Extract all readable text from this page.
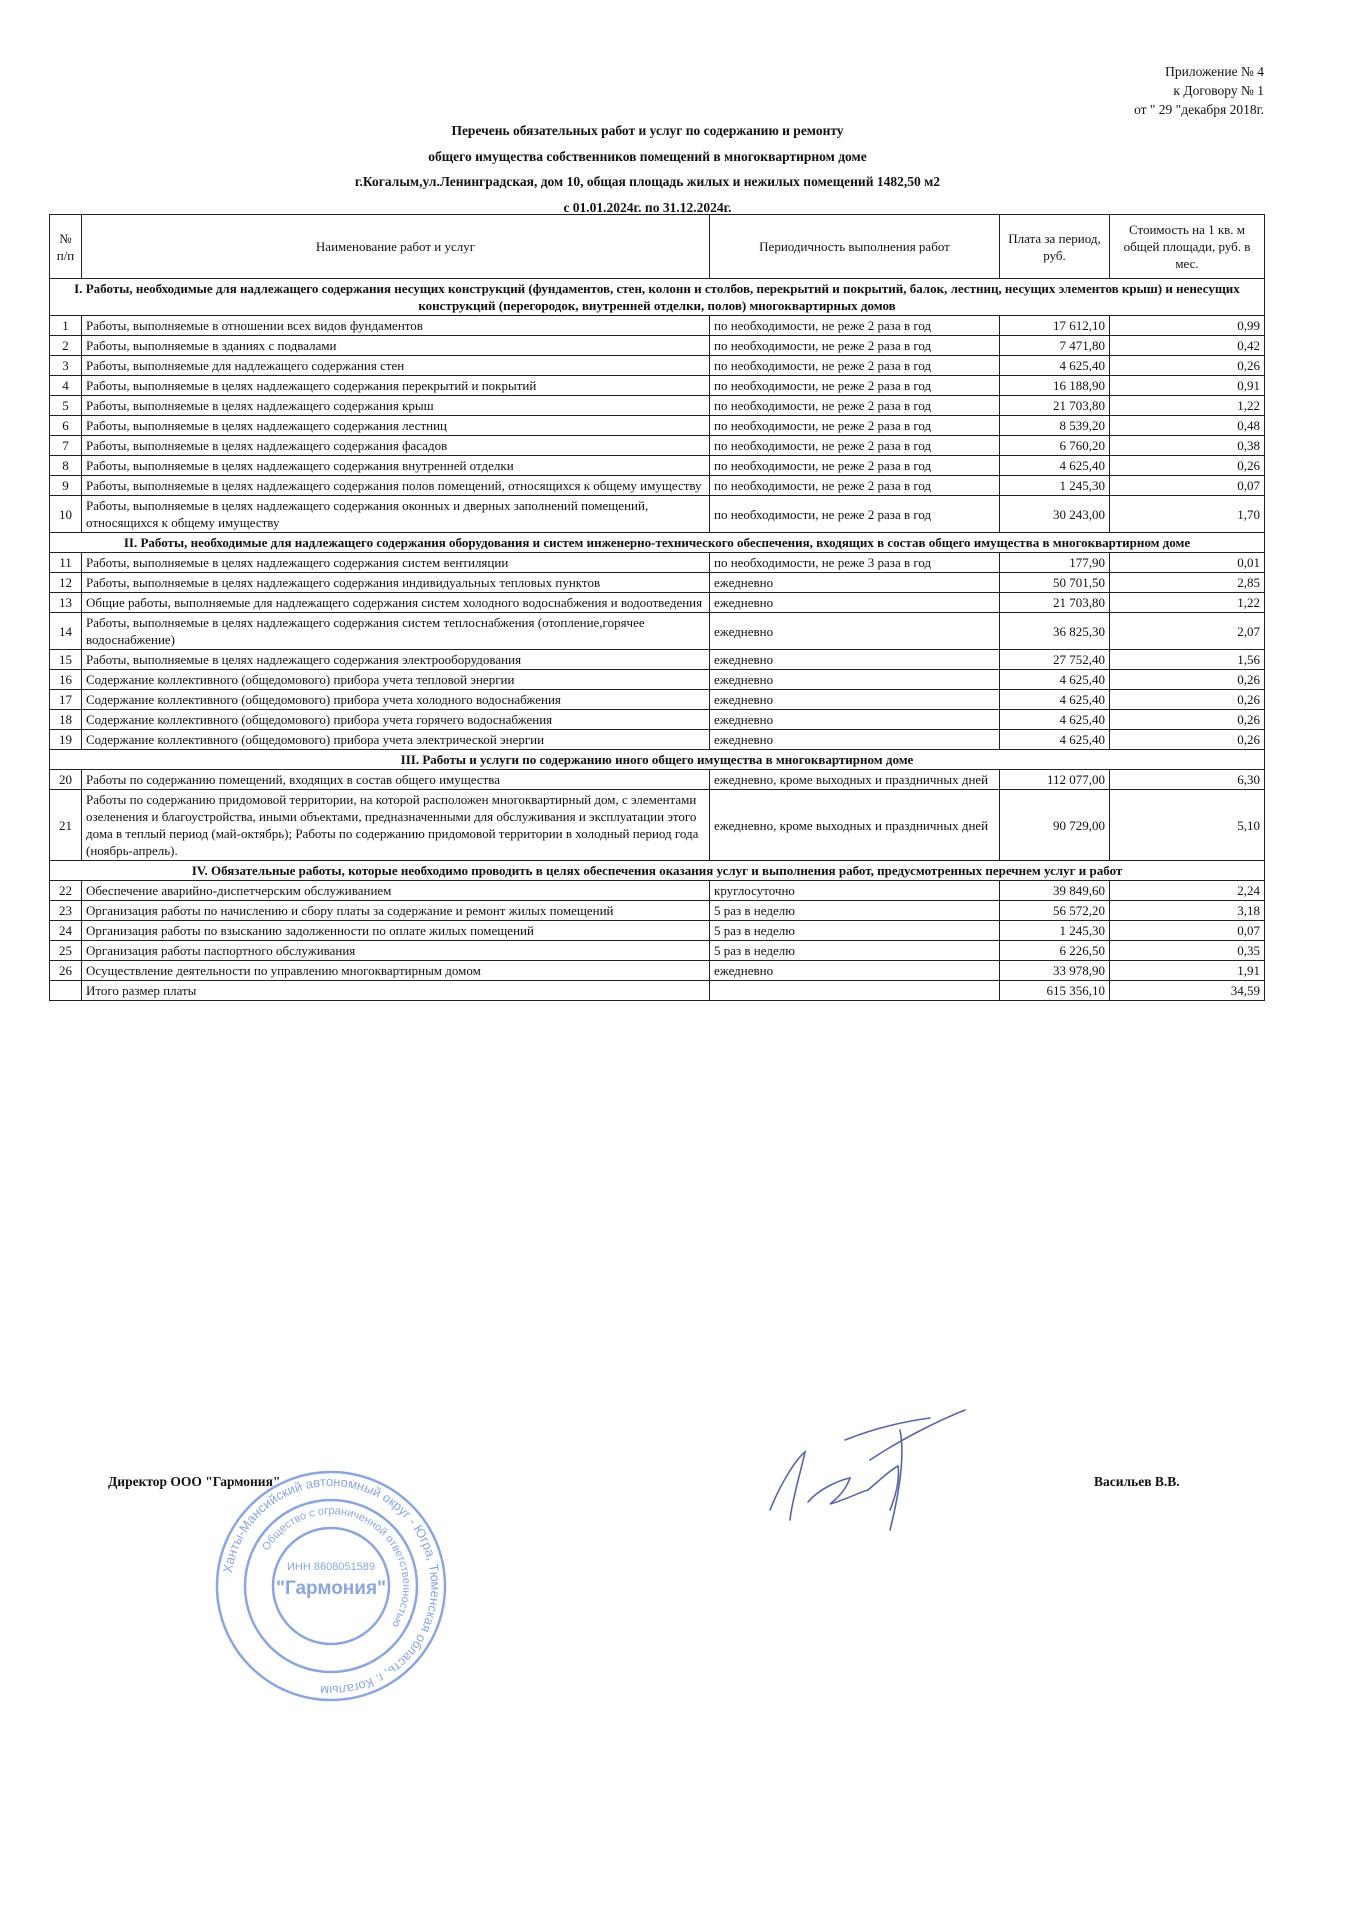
Приложение № 4
к Договору № 1
от " 29 "декабря 2018г.
Перечень обязательных работ и услуг по содержанию и ремонту
общего имущества собственников помещений в многоквартирном доме
г.Когалым,ул.Ленинградская, дом 10, общая площадь жилых и нежилых помещений 1482,50 м2
с 01.01.2024г. по 31.12.2024г.
№ п/п	Наименование работ и услуг	Периодичность выполнения работ	Плата за период, руб.	Стоимость на 1 кв. м общей площади, руб. в мес.
I. Работы, необходимые для надлежащего содержания несущих конструкций (фундаментов, стен, колонн и столбов, перекрытий и покрытий, балок, лестниц, несущих элементов крыш) и ненесущих конструкций (перегородок, внутренней отделки, полов) многоквартирных домов				
1	Работы, выполняемые в отношении всех видов фундаментов	по необходимости, не реже 2 раза в год	17 612,10	0,99
2	Работы, выполняемые в зданиях с подвалами	по необходимости, не реже 2 раза в год	7 471,80	0,42
3	Работы, выполняемые для надлежащего содержания стен	по необходимости, не реже 2 раза в год	4 625,40	0,26
4	Работы, выполняемые в целях надлежащего содержания перекрытий и покрытий	по необходимости, не реже 2 раза в год	16 188,90	0,91
5	Работы, выполняемые в целях надлежащего содержания крыш	по необходимости, не реже 2 раза в год	21 703,80	1,22
6	Работы, выполняемые в целях надлежащего содержания лестниц	по необходимости, не реже 2 раза в год	8 539,20	0,48
7	Работы, выполняемые в целях надлежащего содержания фасадов	по необходимости, не реже 2 раза в год	6 760,20	0,38
8	Работы, выполняемые в целях надлежащего содержания внутренней отделки	по необходимости, не реже 2 раза в год	4 625,40	0,26
9	Работы, выполняемые в целях надлежащего содержания полов помещений, относящихся к общему имуществу	по необходимости, не реже 2 раза в год	1 245,30	0,07
10	Работы, выполняемые в целях надлежащего содержания оконных и дверных заполнений помещений, относящихся к общему имуществу	по необходимости, не реже 2 раза в год	30 243,00	1,70
II. Работы, необходимые для надлежащего содержания оборудования и систем инженерно-технического обеспечения, входящих в состав общего имущества в многоквартирном доме				
11	Работы, выполняемые в целях надлежащего содержания систем вентиляции	по необходимости, не реже 3 раза в год	177,90	0,01
12	Работы, выполняемые в целях надлежащего содержания индивидуальных тепловых пунктов	ежедневно	50 701,50	2,85
13	Общие работы, выполняемые для надлежащего содержания систем холодного водоснабжения и водоотведения	ежедневно	21 703,80	1,22
14	Работы, выполняемые в целях надлежащего содержания систем теплоснабжения (отопление,горячее водоснабжение)	ежедневно	36 825,30	2,07
15	Работы, выполняемые в целях надлежащего содержания электрооборудования	ежедневно	27 752,40	1,56
16	Содержание коллективного (общедомового) прибора учета тепловой энергии	ежедневно	4 625,40	0,26
17	Содержание коллективного (общедомового) прибора учета холодного водоснабжения	ежедневно	4 625,40	0,26
18	Содержание коллективного (общедомового) прибора учета горячего водоснабжения	ежедневно	4 625,40	0,26
19	Содержание коллективного (общедомового) прибора учета электрической энергии	ежедневно	4 625,40	0,26
III. Работы и услуги по содержанию иного общего имущества в многоквартирном доме				
20	Работы по содержанию помещений, входящих в состав общего имущества	ежедневно, кроме выходных и праздничных дней	112 077,00	6,30
21	Работы по содержанию придомовой территории, на которой расположен многоквартирный дом, с элементами озеленения и благоустройства, иными объектами, предназначенными для обслуживания и эксплуатации этого дома в теплый период (май-октябрь); Работы по содержанию придомовой территории в холодный период года (ноябрь-апрель).	ежедневно, кроме выходных и праздничных дней	90 729,00	5,10
IV. Обязательные работы, которые необходимо проводить в целях обеспечения оказания услуг и выполнения работ, предусмотренных перечнем услуг и работ				
22	Обеспечение аварийно-диспетчерским обслуживанием	круглосуточно	39 849,60	2,24
23	Организация работы по начислению и сбору платы за содержание и ремонт жилых помещений	5 раз в неделю	56 572,20	3,18
24	Организация работы по взысканию задолженности по оплате жилых помещений	5 раз в неделю	1 245,30	0,07
25	Организация работы паспортного обслуживания	5 раз в неделю	6 226,50	0,35
26	Осуществление деятельности по управлению многоквартирным домом	ежедневно	33 978,90	1,91
	Итого размер платы		615 356,10	34,59
Директор ООО "Гармония"	Васильев В.В.
Ханты-Мансийский автономный округ - Югра, Тюменская область, г. Когалым
Общество с ограниченной ответственностью
ИНН 8608051589
"Гармония"
